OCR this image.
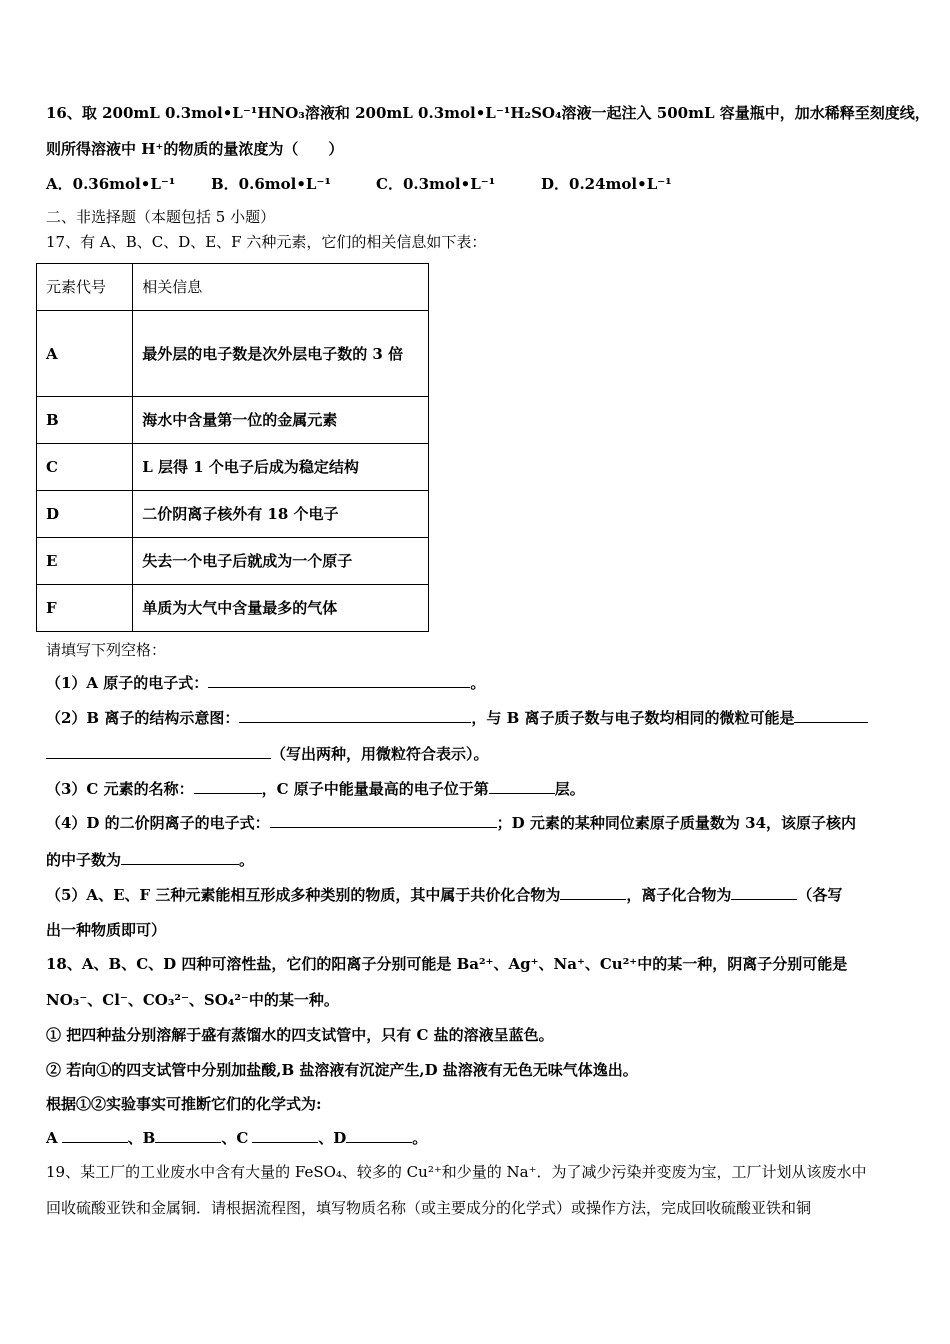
16、取 200mL 0.3mol•L⁻¹HNO₃溶液和 200mL 0.3mol•L⁻¹H₂SO₄溶液一起注入 500mL 容量瓶中，加水稀释至刻度线，
则所得溶液中 H⁺的物质的量浓度为（　　）
A．0.36mol•L⁻¹ B．0.6mol•L⁻¹	C．0.3mol•L⁻¹	D．0.24mol•L⁻¹
二、非选择题（本题包括 5 小题）
17、有 A、B、C、D、E、F 六种元素，它们的相关信息如下表：
元素代号	相关信息
A	最外层的电子数是次外层电子数的 3 倍
B	海水中含量第一位的金属元素
C	L 层得 1 个电子后成为稳定结构
D	二价阴离子核外有 18 个电子
E	失去一个电子后就成为一个原子
F	单质为大气中含量最多的气体
请填写下列空格：
（1）A 原子的电子式：	。
（2）B 离子的结构示意图：	，与 B 离子质子数与电子数均相同的微粒可能是
（写出两种，用微粒符合表示）。
（3）C 元素的名称：	，C 原子中能量最高的电子位于第	层。
（4）D 的二价阴离子的电子式：	；D 元素的某种同位素原子质量数为 34，该原子核内
的中子数为	。
（5）A、E、F 三种元素能相互形成多种类别的物质，其中属于共价化合物为	，离子化合物为	（各写
出一种物质即可）
18、A、B、C、D 四种可溶性盐，它们的阳离子分别可能是 Ba²⁺、Ag⁺、Na⁺、Cu²⁺中的某一种，阴离子分别可能是
NO₃⁻、Cl⁻、CO₃²⁻、SO₄²⁻中的某一种。
① 把四种盐分别溶解于盛有蒸馏水的四支试管中，只有 C 盐的溶液呈蓝色。
② 若向①的四支试管中分别加盐酸,B 盐溶液有沉淀产生,D 盐溶液有无色无味气体逸出。
根据①②实验事实可推断它们的化学式为:
A	、B	、C	、D	。
19、某工厂的工业废水中含有大量的 FeSO₄、较多的 Cu²⁺和少量的 Na⁺．为了减少污染并变废为宝，工厂计划从该废水中
回收硫酸亚铁和金属铜．请根据流程图，填写物质名称（或主要成分的化学式）或操作方法，完成回收硫酸亚铁和铜
